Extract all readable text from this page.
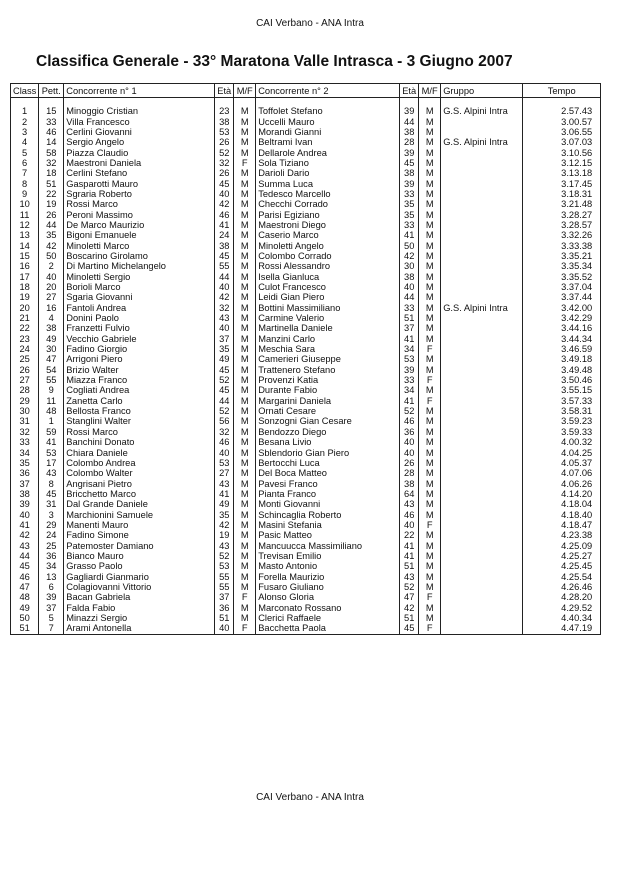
CAI Verbano - ANA Intra
Classifica Generale - 33° Maratona Valle Intrasca - 3 Giugno 2007
Class	Pett.	Concorrente n° 1	Età	M/F	Concorrente n° 2	Età	M/F	Gruppo	Tempo

1	15	Minoggio Cristian	23	M	Toffolet Stefano	39	M	G.S. Alpini Intra	2.57.43
2	33	Villa Francesco	38	M	Uccelli Mauro	44	M		3.00.57
3	46	Cerlini Giovanni	53	M	Morandi Gianni	38	M		3.06.55
4	14	Sergio Angelo	26	M	Beltrami Ivan	28	M	G.S. Alpini Intra	3.07.03
5	58	Piazza Claudio	52	M	Dellarole Andrea	39	M		3.10.56
6	32	Maestroni Daniela	32	F	Sola Tiziano	45	M		3.12.15
7	18	Cerlini Stefano	26	M	Darioli Dario	38	M		3.13.18
8	51	Gasparotti Mauro	45	M	Summa Luca	39	M		3.17.45
9	22	Sgraria Roberto	40	M	Tedesco Marcello	33	M		3.18.31
10	19	Rossi Marco	42	M	Checchi Corrado	35	M		3.21.48
11	26	Peroni Massimo	46	M	Parisi Egiziano	35	M		3.28.27
12	44	De Marco Maurizio	41	M	Maestroni Diego	33	M		3.28.57
13	35	Bigoni Emanuele	24	M	Caserio Marco	41	M		3.32.26
14	42	Minoletti Marco	38	M	Minoletti Angelo	50	M		3.33.38
15	50	Boscarino Girolamo	45	M	Colombo Corrado	42	M		3.35.21
16	2	Di Martino Michelangelo	55	M	Rossi Alessandro	30	M		3.35.34
17	40	Minoletti Sergio	44	M	Isella Gianluca	38	M		3.35.52
18	20	Borioli Marco	40	M	Culot Francesco	40	M		3.37.04
19	27	Sgaria Giovanni	42	M	Leidi Gian Piero	44	M		3.37.44
20	16	Fantoli Andrea	32	M	Bottini Massimiliano	33	M	G.S. Alpini Intra	3.42.00
21	4	Donini Paolo	43	M	Carmine Valerio	51	M		3.42.29
22	38	Franzetti Fulvio	40	M	Martinella Daniele	37	M		3.44.16
23	49	Vecchio Gabriele	37	M	Manzini Carlo	41	M		3.44.34
24	30	Fadino Giorgio	35	M	Meschia Sara	34	F		3.46.59
25	47	Arrigoni Piero	49	M	Camerieri Giuseppe	53	M		3.49.18
26	54	Brizio Walter	45	M	Trattenero Stefano	39	M		3.49.48
27	55	Miazza Franco	52	M	Provenzi Katia	33	F		3.50.46
28	9	Cogliati Andrea	45	M	Durante Fabio	34	M		3.55.15
29	11	Zanetta Carlo	44	M	Margarini Daniela	41	F		3.57.33
30	48	Bellosta Franco	52	M	Ornati Cesare	52	M		3.58.31
31	1	Stanglini Walter	56	M	Sonzogni Gian Cesare	46	M		3.59.23
32	59	Rossi Marco	32	M	Bendozzo Diego	36	M		3.59.33
33	41	Banchini Donato	46	M	Besana Livio	40	M		4.00.32
34	53	Chiara Daniele	40	M	Sblendorio Gian Piero	40	M		4.04.25
35	17	Colombo Andrea	53	M	Bertocchi Luca	26	M		4.05.37
36	43	Colombo Walter	27	M	Del Boca Matteo	28	M		4.07.06
37	8	Angrisani Pietro	43	M	Pavesi Franco	38	M		4.06.26
38	45	Bricchetto Marco	41	M	Pianta Franco	64	M		4.14.20
39	31	Dal Grande Daniele	49	M	Monti Giovanni	43	M		4.18.04
40	3	Marchionini Samuele	35	M	Schincaglia Roberto	46	M		4.18.40
41	29	Manenti Mauro	42	M	Masini Stefania	40	F		4.18.47
42	24	Fadino Simone	19	M	Pasic Matteo	22	M		4.23.38
43	25	Patemoster Damiano	43	M	Mancuucca Massimiliano	41	M		4.25.09
44	36	Bianco Mauro	52	M	Trevisan Emilio	41	M		4.25.27
45	34	Grasso Paolo	53	M	Masto Antonio	51	M		4.25.45
46	13	Gagliardi Gianmario	55	M	Forella Maurizio	43	M		4.25.54
47	6	Colagiovanni Vittorio	55	M	Fusaro Giuliano	52	M		4.26.46
48	39	Bacan Gabriela	37	F	Alonso Gloria	47	F		4.28.20
49	37	Falda Fabio	36	M	Marconato Rossano	42	M		4.29.52
50	5	Minazzi Sergio	51	M	Clerici Raffaele	51	M		4.40.34
51	7	Arami Antonella	40	F	Bacchetta Paola	45	F		4.47.19
CAI Verbano - ANA Intra
